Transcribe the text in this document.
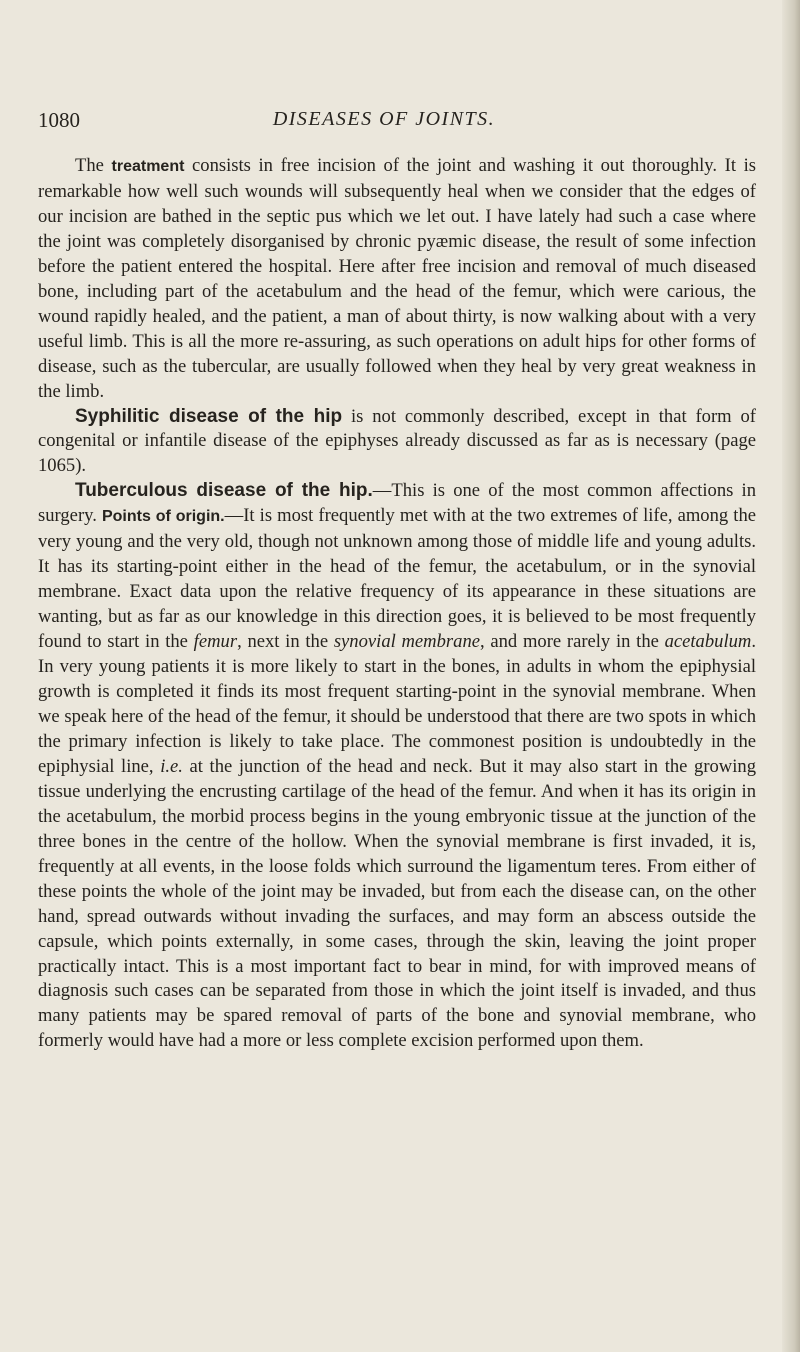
1080	DISEASES OF JOINTS.

The treatment consists in free incision of the joint and washing it out thoroughly. It is remarkable how well such wounds will subsequently heal when we consider that the edges of our incision are bathed in the septic pus which we let out. I have lately had such a case where the joint was completely disorganised by chronic pyæmic disease, the result of some infection before the patient entered the hospital. Here after free incision and removal of much diseased bone, including part of the acetabulum and the head of the femur, which were carious, the wound rapidly healed, and the patient, a man of about thirty, is now walking about with a very useful limb. This is all the more re-assuring, as such operations on adult hips for other forms of disease, such as the tubercular, are usually followed when they heal by very great weakness in the limb.

Syphilitic disease of the hip is not commonly described, except in that form of congenital or infantile disease of the epiphyses already discussed as far as is necessary (page 1065).

Tuberculous disease of the hip.—This is one of the most common affections in surgery. Points of origin.—It is most frequently met with at the two extremes of life, among the very young and the very old, though not unknown among those of middle life and young adults. It has its starting-point either in the head of the femur, the acetabulum, or in the synovial membrane. Exact data upon the relative frequency of its appearance in these situations are wanting, but as far as our knowledge in this direction goes, it is believed to be most frequently found to start in the femur, next in the synovial membrane, and more rarely in the acetabulum. In very young patients it is more likely to start in the bones, in adults in whom the epiphysial growth is completed it finds its most frequent starting-point in the synovial membrane. When we speak here of the head of the femur, it should be understood that there are two spots in which the primary infection is likely to take place. The commonest position is undoubtedly in the epiphysial line, i.e. at the junction of the head and neck. But it may also start in the growing tissue underlying the encrusting cartilage of the head of the femur. And when it has its origin in the acetabulum, the morbid process begins in the young embryonic tissue at the junction of the three bones in the centre of the hollow. When the synovial membrane is first invaded, it is, frequently at all events, in the loose folds which surround the ligamentum teres. From either of these points the whole of the joint may be invaded, but from each the disease can, on the other hand, spread outwards without invading the surfaces, and may form an abscess outside the capsule, which points externally, in some cases, through the skin, leaving the joint proper practically intact. This is a most important fact to bear in mind, for with improved means of diagnosis such cases can be separated from those in which the joint itself is invaded, and thus many patients may be spared removal of parts of the bone and synovial membrane, who formerly would have had a more or less complete excision performed upon them.
